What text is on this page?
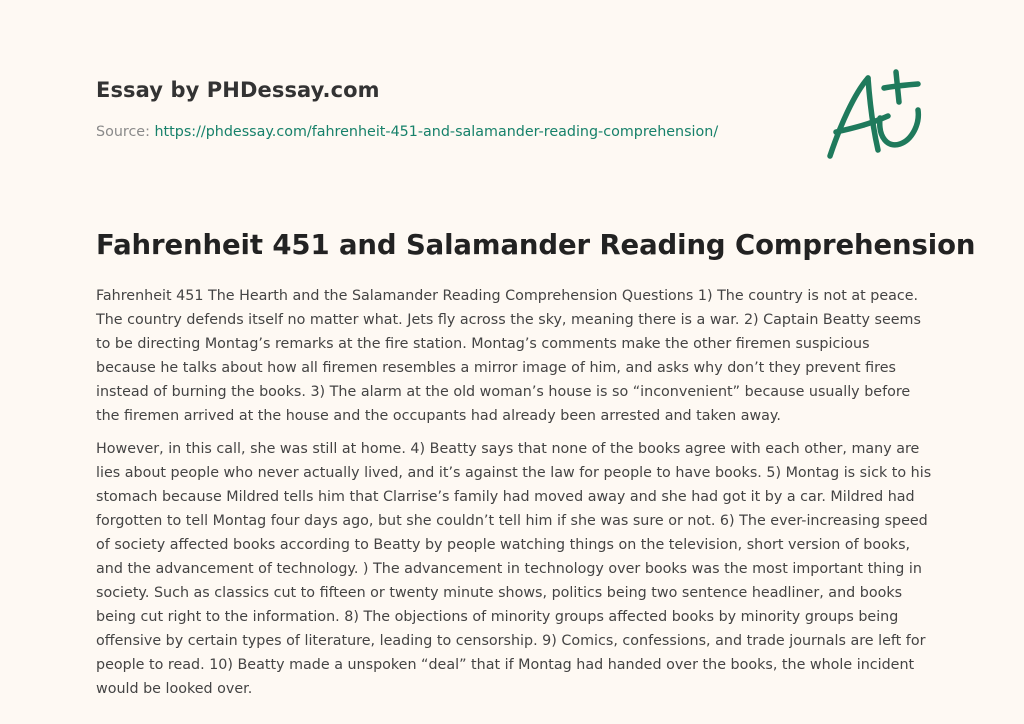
Essay by PHDessay.com
Source: https://phdessay.com/fahrenheit-451-and-salamander-reading-comprehension/
Fahrenheit 451 and Salamander Reading Comprehension

Fahrenheit 451 The Hearth and the Salamander Reading Comprehension Questions 1) The country is not at peace. The country defends itself no matter what. Jets fly across the sky, meaning there is a war. 2) Captain Beatty seems to be directing Montag’s remarks at the fire station. Montag’s comments make the other firemen suspicious because he talks about how all firemen resembles a mirror image of him, and asks why don’t they prevent fires instead of burning the books. 3) The alarm at the old woman’s house is so “inconvenient” because usually before the firemen arrived at the house and the occupants had already been arrested and taken away.

However, in this call, she was still at home. 4) Beatty says that none of the books agree with each other, many are lies about people who never actually lived, and it’s against the law for people to have books. 5) Montag is sick to his stomach because Mildred tells him that Clarrise’s family had moved away and she had got it by a car. Mildred had forgotten to tell Montag four days ago, but she couldn’t tell him if she was sure or not. 6) The ever-increasing speed of society affected books according to Beatty by people watching things on the television, short version of books, and the advancement of technology. ) The advancement in technology over books was the most important thing in society. Such as classics cut to fifteen or twenty minute shows, politics being two sentence headliner, and books being cut right to the information. 8) The objections of minority groups affected books by minority groups being offensive by certain types of literature, leading to censorship. 9) Comics, confessions, and trade journals are left for people to read. 10) Beatty made a unspoken “deal” that if Montag had handed over the books, the whole incident would be looked over.
